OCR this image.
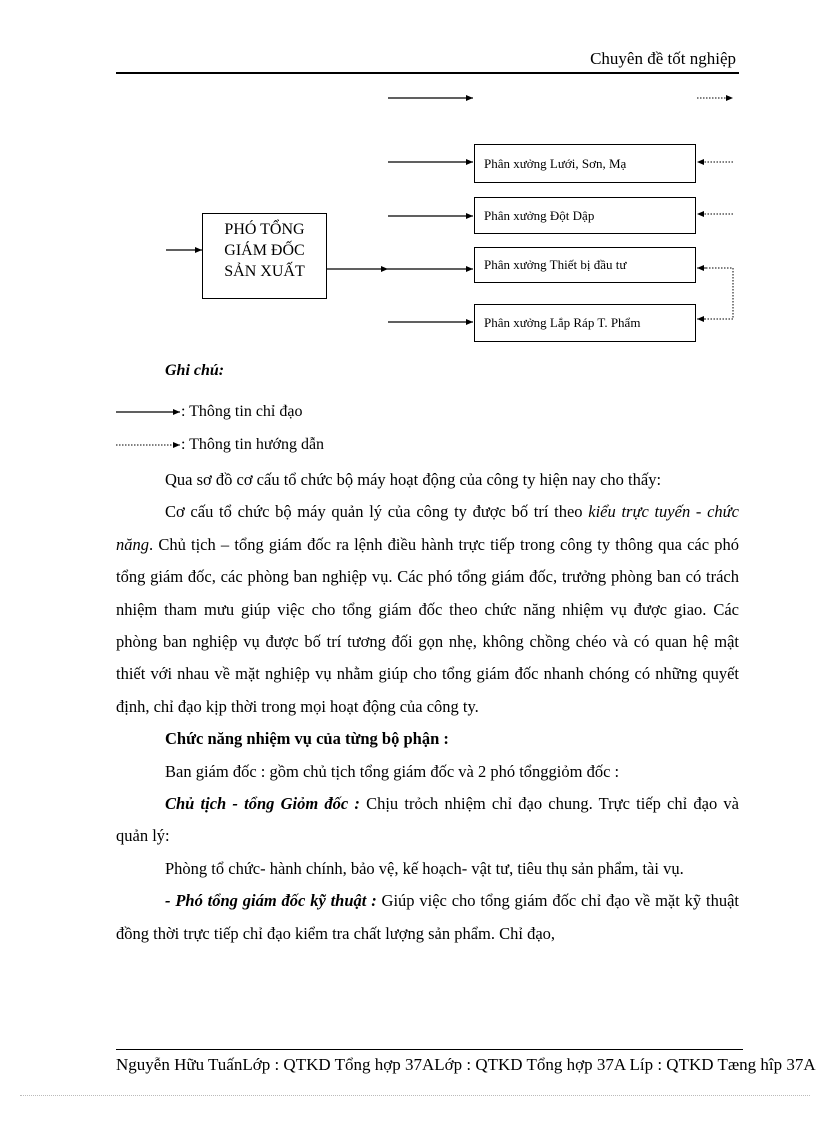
Chuyên đề tốt nghiệp
PHÓ TỔNG
GIÁM ĐỐC
SẢN XUẤT
Phân xưởng Lưới, Sơn, Mạ
Phân xưởng Đột Dập
Phân xưởng Thiết bị đầu tư
Phân xưởng Lắp Ráp T. Phẩm
Ghi chú:
: Thông tin chỉ đạo
: Thông tin hướng dẫn

Qua sơ đồ cơ cấu tổ chức bộ máy hoạt động của công ty hiện nay cho thấy:

Cơ cấu tổ chức bộ máy quản lý của công ty được bố trí theo kiểu trực tuyến - chức năng. Chủ tịch – tổng giám đốc ra lệnh điều hành trực tiếp trong công ty thông qua các phó tổng giám đốc, các phòng ban nghiệp vụ. Các phó tổng giám đốc, trưởng phòng ban có trách nhiệm tham mưu giúp việc cho tổng giám đốc theo chức năng nhiệm vụ được giao. Các phòng ban nghiệp vụ được bố trí tương đối gọn nhẹ, không chồng chéo và có quan hệ mật thiết với nhau về mặt nghiệp vụ nhằm giúp cho tổng giám đốc nhanh chóng có những quyết định, chỉ đạo kịp thời trong mọi hoạt động của công ty.

Chức năng nhiệm vụ của từng bộ phận :

Ban giám đốc : gồm chủ tịch tổng giám đốc và 2 phó tổnggiỏm đốc :

Chủ tịch - tổng Giỏm đốc : Chịu trỏch nhiệm chỉ đạo chung. Trực tiếp chỉ đạo và quản lý:

Phòng tổ chức- hành chính, bảo vệ, kế hoạch- vật tư, tiêu thụ sản phẩm, tài vụ.

- Phó tổng giám đốc kỹ thuật : Giúp việc cho tổng giám đốc chỉ đạo về mặt kỹ thuật đồng thời trực tiếp chỉ đạo kiểm tra chất lượng sản phẩm. Chỉ đạo,

Nguyễn Hữu TuấnLớp : QTKD Tổng hợp 37ALớp : QTKD Tổng hợp 37A Líp : QTKD Tæng hîp 37A
